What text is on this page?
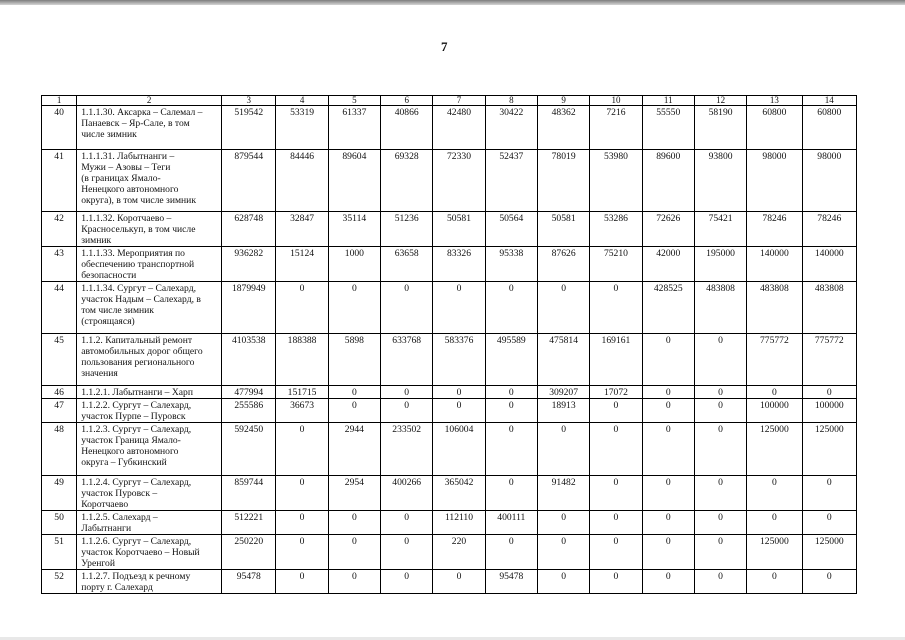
7
1	2	3	4	5	6	7	8	9	10	11	12	13	14
40	1.1.1.30. Аксарка – Салемал –
Панаевск – Яр-Сале, в том
числе зимник	519542	53319	61337	40866	42480	30422	48362	7216	55550	58190	60800	60800
41	1.1.1.31. Лабытнанги –
Мужи – Азовы – Теги
(в границах Ямало-
Ненецкого автономного
округа), в том числе зимник	879544	84446	89604	69328	72330	52437	78019	53980	89600	93800	98000	98000
42	1.1.1.32. Коротчаево –
Красноселькуп, в том числе
зимник	628748	32847	35114	51236	50581	50564	50581	53286	72626	75421	78246	78246
43	1.1.1.33. Мероприятия по
обеспечению транспортной
безопасности	936282	15124	1000	63658	83326	95338	87626	75210	42000	195000	140000	140000
44	1.1.1.34. Сургут – Салехард,
участок Надым – Салехард, в
том числе зимник
(строящаяся)	1879949	0	0	0	0	0	0	0	428525	483808	483808	483808
45	1.1.2. Капитальный ремонт
автомобильных дорог общего
пользования регионального
значения	4103538	188388	5898	633768	583376	495589	475814	169161	0	0	775772	775772
46	1.1.2.1. Лабытнанги – Харп	477994	151715	0	0	0	0	309207	17072	0	0	0	0
47	1.1.2.2. Сургут – Салехард,
участок Пурпе – Пуровск	255586	36673	0	0	0	0	18913	0	0	0	100000	100000
48	1.1.2.3. Сургут – Салехард,
участок Граница Ямало-
Ненецкого автономного
округа – Губкинский	592450	0	2944	233502	106004	0	0	0	0	0	125000	125000
49	1.1.2.4. Сургут – Салехард,
участок Пуровск –
Коротчаево	859744	0	2954	400266	365042	0	91482	0	0	0	0	0
50	1.1.2.5. Салехард –
Лабытнанги	512221	0	0	0	112110	400111	0	0	0	0	0	0
51	1.1.2.6. Сургут – Салехард,
участок Коротчаево – Новый
Уренгой	250220	0	0	0	220	0	0	0	0	0	125000	125000
52	1.1.2.7. Подъезд к речному
порту г. Салехард	95478	0	0	0	0	95478	0	0	0	0	0	0
